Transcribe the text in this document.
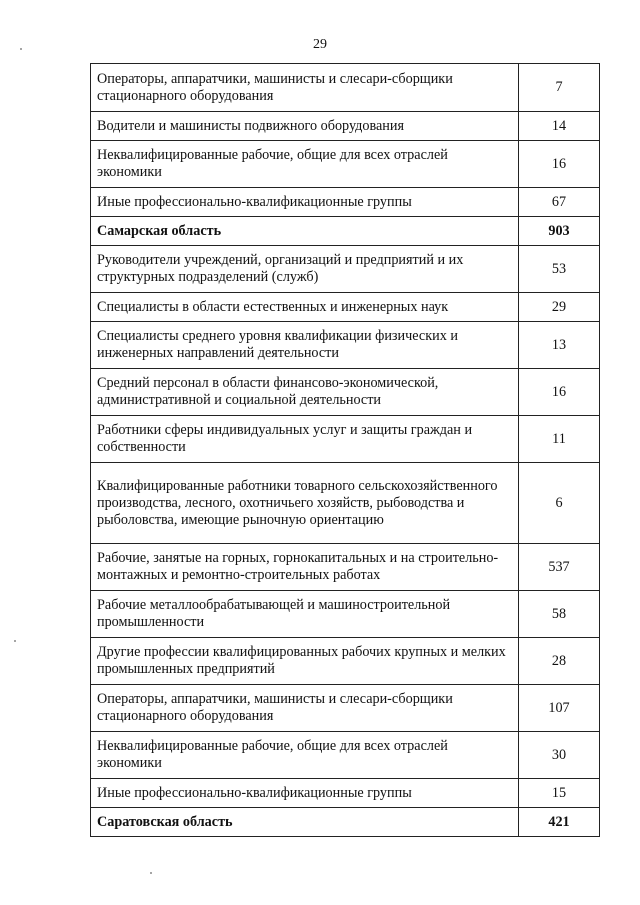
29
Операторы, аппаратчики, машинисты и слесари-сборщики стационарного оборудования	7
Водители и машинисты подвижного оборудования	14
Неквалифицированные рабочие, общие для всех отраслей экономики	16
Иные профессионально-квалификационные группы	67
Самарская область	903
Руководители учреждений, организаций и предприятий и их структурных подразделений (служб)	53
Специалисты в области естественных и инженерных наук	29
Специалисты среднего уровня квалификации физических и инженерных направлений деятельности	13
Средний персонал в области финансово-экономической, административной и социальной деятельности	16
Работники сферы индивидуальных услуг и защиты граждан и собственности	11
Квалифицированные работники товарного сельскохозяйственного производства, лесного, охотничьего хозяйств, рыбоводства и рыболовства, имеющие рыночную ориентацию	6
Рабочие, занятые на горных, горнокапитальных и на строительно-монтажных и ремонтно-строительных работах	537
Рабочие металлообрабатывающей и машиностроительной промышленности	58
Другие профессии квалифицированных рабочих крупных и мелких промышленных предприятий	28
Операторы, аппаратчики, машинисты и слесари-сборщики стационарного оборудования	107
Неквалифицированные рабочие, общие для всех отраслей экономики	30
Иные профессионально-квалификационные группы	15
Саратовская область	421
